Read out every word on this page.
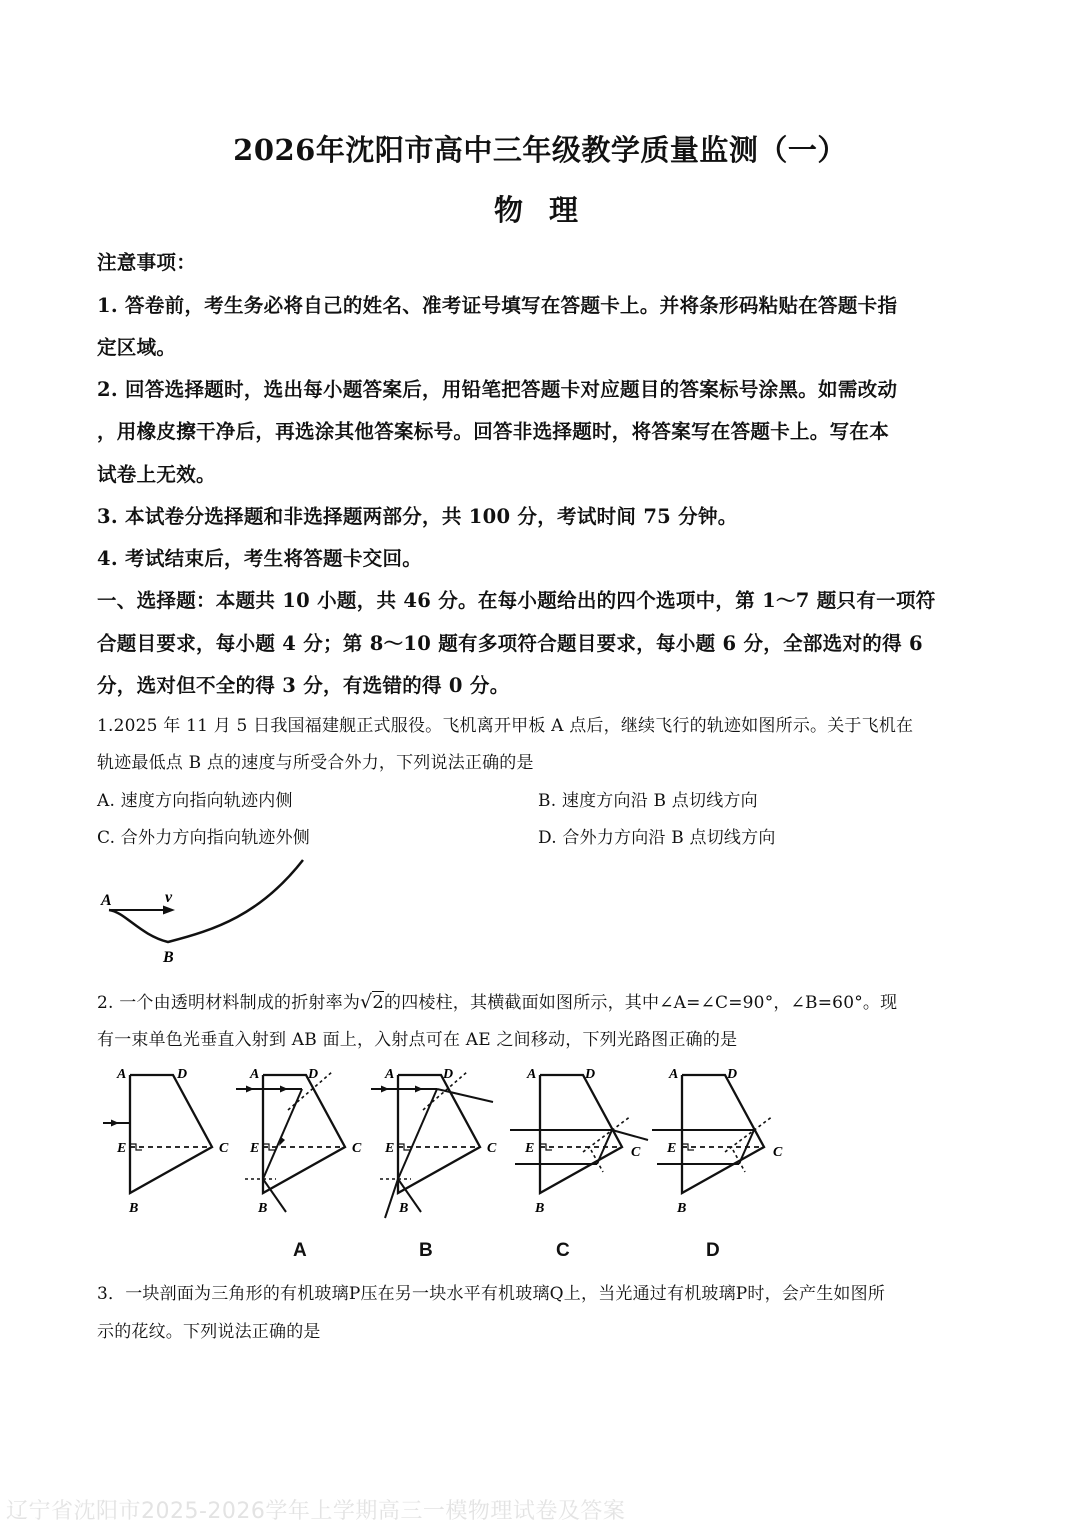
2026年沈阳市高中三年级教学质量监测（一）
物 理
注意事项：
1. 答卷前，考生务必将自己的姓名、准考证号填写在答题卡上。并将条形码粘贴在答题卡指
定区域。
2. 回答选择题时，选出每小题答案后，用铅笔把答题卡对应题目的答案标号涂黑。如需改动
，用橡皮擦干净后，再选涂其他答案标号。回答非选择题时，将答案写在答题卡上。写在本
试卷上无效。
3. 本试卷分选择题和非选择题两部分，共 100 分，考试时间 75 分钟。
4. 考试结束后，考生将答题卡交回。
一、选择题：本题共 10 小题，共 46 分。在每小题给出的四个选项中，第 1～7 题只有一项符
合题目要求，每小题 4 分；第 8～10 题有多项符合题目要求，每小题 6 分，全部选对的得 6
分，选对但不全的得 3 分，有选错的得 0 分。
1.2025 年 11 月 5 日我国福建舰正式服役。飞机离开甲板 A 点后，继续飞行的轨迹如图所示。关于飞机在
轨迹最低点 B 点的速度与所受合外力，下列说法正确的是
A. 速度方向指向轨迹内侧	B. 速度方向沿 B 点切线方向
C. 合外力方向指向轨迹外侧	D. 合外力方向沿 B 点切线方向
A	v
B
2. 一个由透明材料制成的折射率为√2的四棱柱，其横截面如图所示，其中∠A=∠C=90°，∠B=60°。现
有一束单色光垂直入射到 AB 面上，入射点可在 AE 之间移动，下列光路图正确的是
A	D
C
E
B
A	D
C
E
B
A	D
C
E
B
A	D
C
E
B
A	D
C
E
B
A	B	C	D
3．一块剖面为三角形的有机玻璃P压在另一块水平有机玻璃Q上，当光通过有机玻璃P时，会产生如图所
示的花纹。下列说法正确的是
辽宁省沈阳市2025-2026学年上学期高三一模物理试卷及答案
